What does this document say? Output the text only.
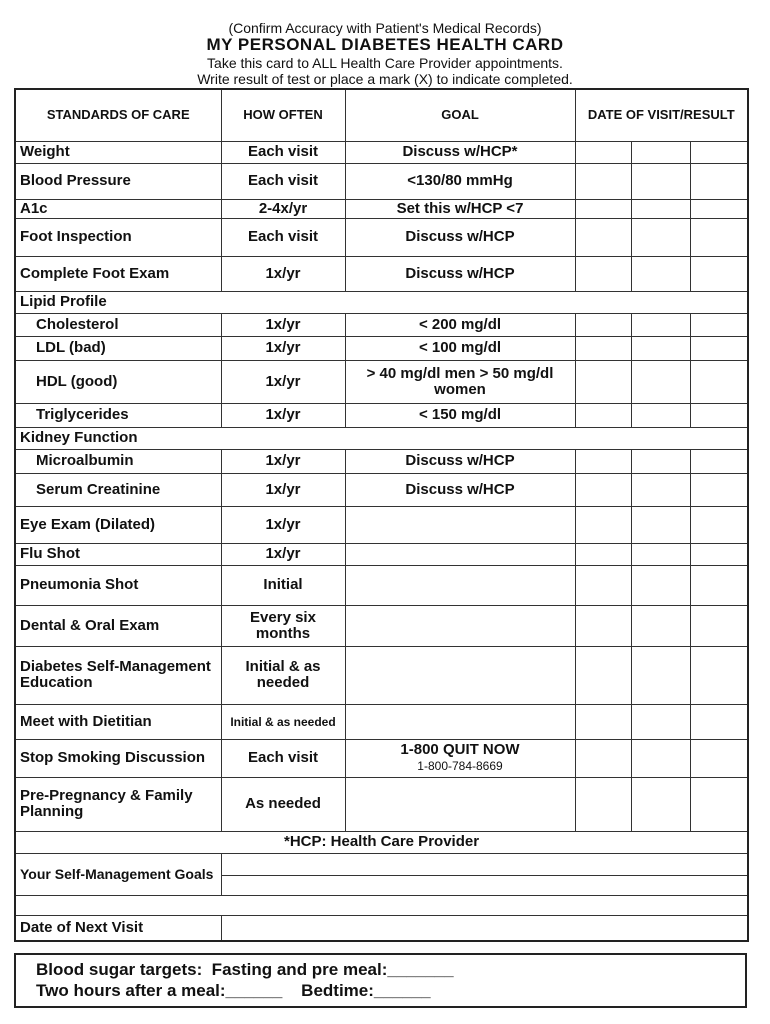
(Confirm Accuracy with Patient's Medical Records)
MY PERSONAL DIABETES HEALTH CARD
Take this card to ALL Health Care Provider appointments.
Write result of test or place a mark (X) to indicate completed.
STANDARDS OF CARE	HOW OFTEN	GOAL	DATE OF VISIT/RESULT		
Weight	Each visit	Discuss w/HCP*			
Blood Pressure	Each visit	<130/80 mmHg			
A1c	2-4x/yr	Set this w/HCP <7			
Foot Inspection	Each visit	Discuss w/HCP			
Complete Foot Exam	1x/yr	Discuss w/HCP			
Lipid Profile					
Cholesterol	1x/yr	< 200 mg/dl			
LDL (bad)	1x/yr	< 100 mg/dl			
HDL (good)	1x/yr	> 40 mg/dl men > 50 mg/dl women			
Triglycerides	1x/yr	< 150 mg/dl			
Kidney Function					
Microalbumin	1x/yr	Discuss w/HCP			
Serum Creatinine	1x/yr	Discuss w/HCP			
Eye Exam (Dilated)	1x/yr				
Flu Shot	1x/yr				
Pneumonia Shot	Initial				
Dental & Oral Exam	Every six months				
Diabetes Self-Management Education	Initial & as needed				
Meet with Dietitian	Initial & as needed				
Stop Smoking Discussion	Each visit	1-800 QUIT NOW
1-800-784-8669			

Pre-Pregnancy & Family Planning	As needed				
*HCP: Health Care Provider					
Your Self-Management Goals					

Date of Next Visit					
Blood sugar targets:  Fasting and pre meal:_______
Two hours after a meal:______    Bedtime:______
